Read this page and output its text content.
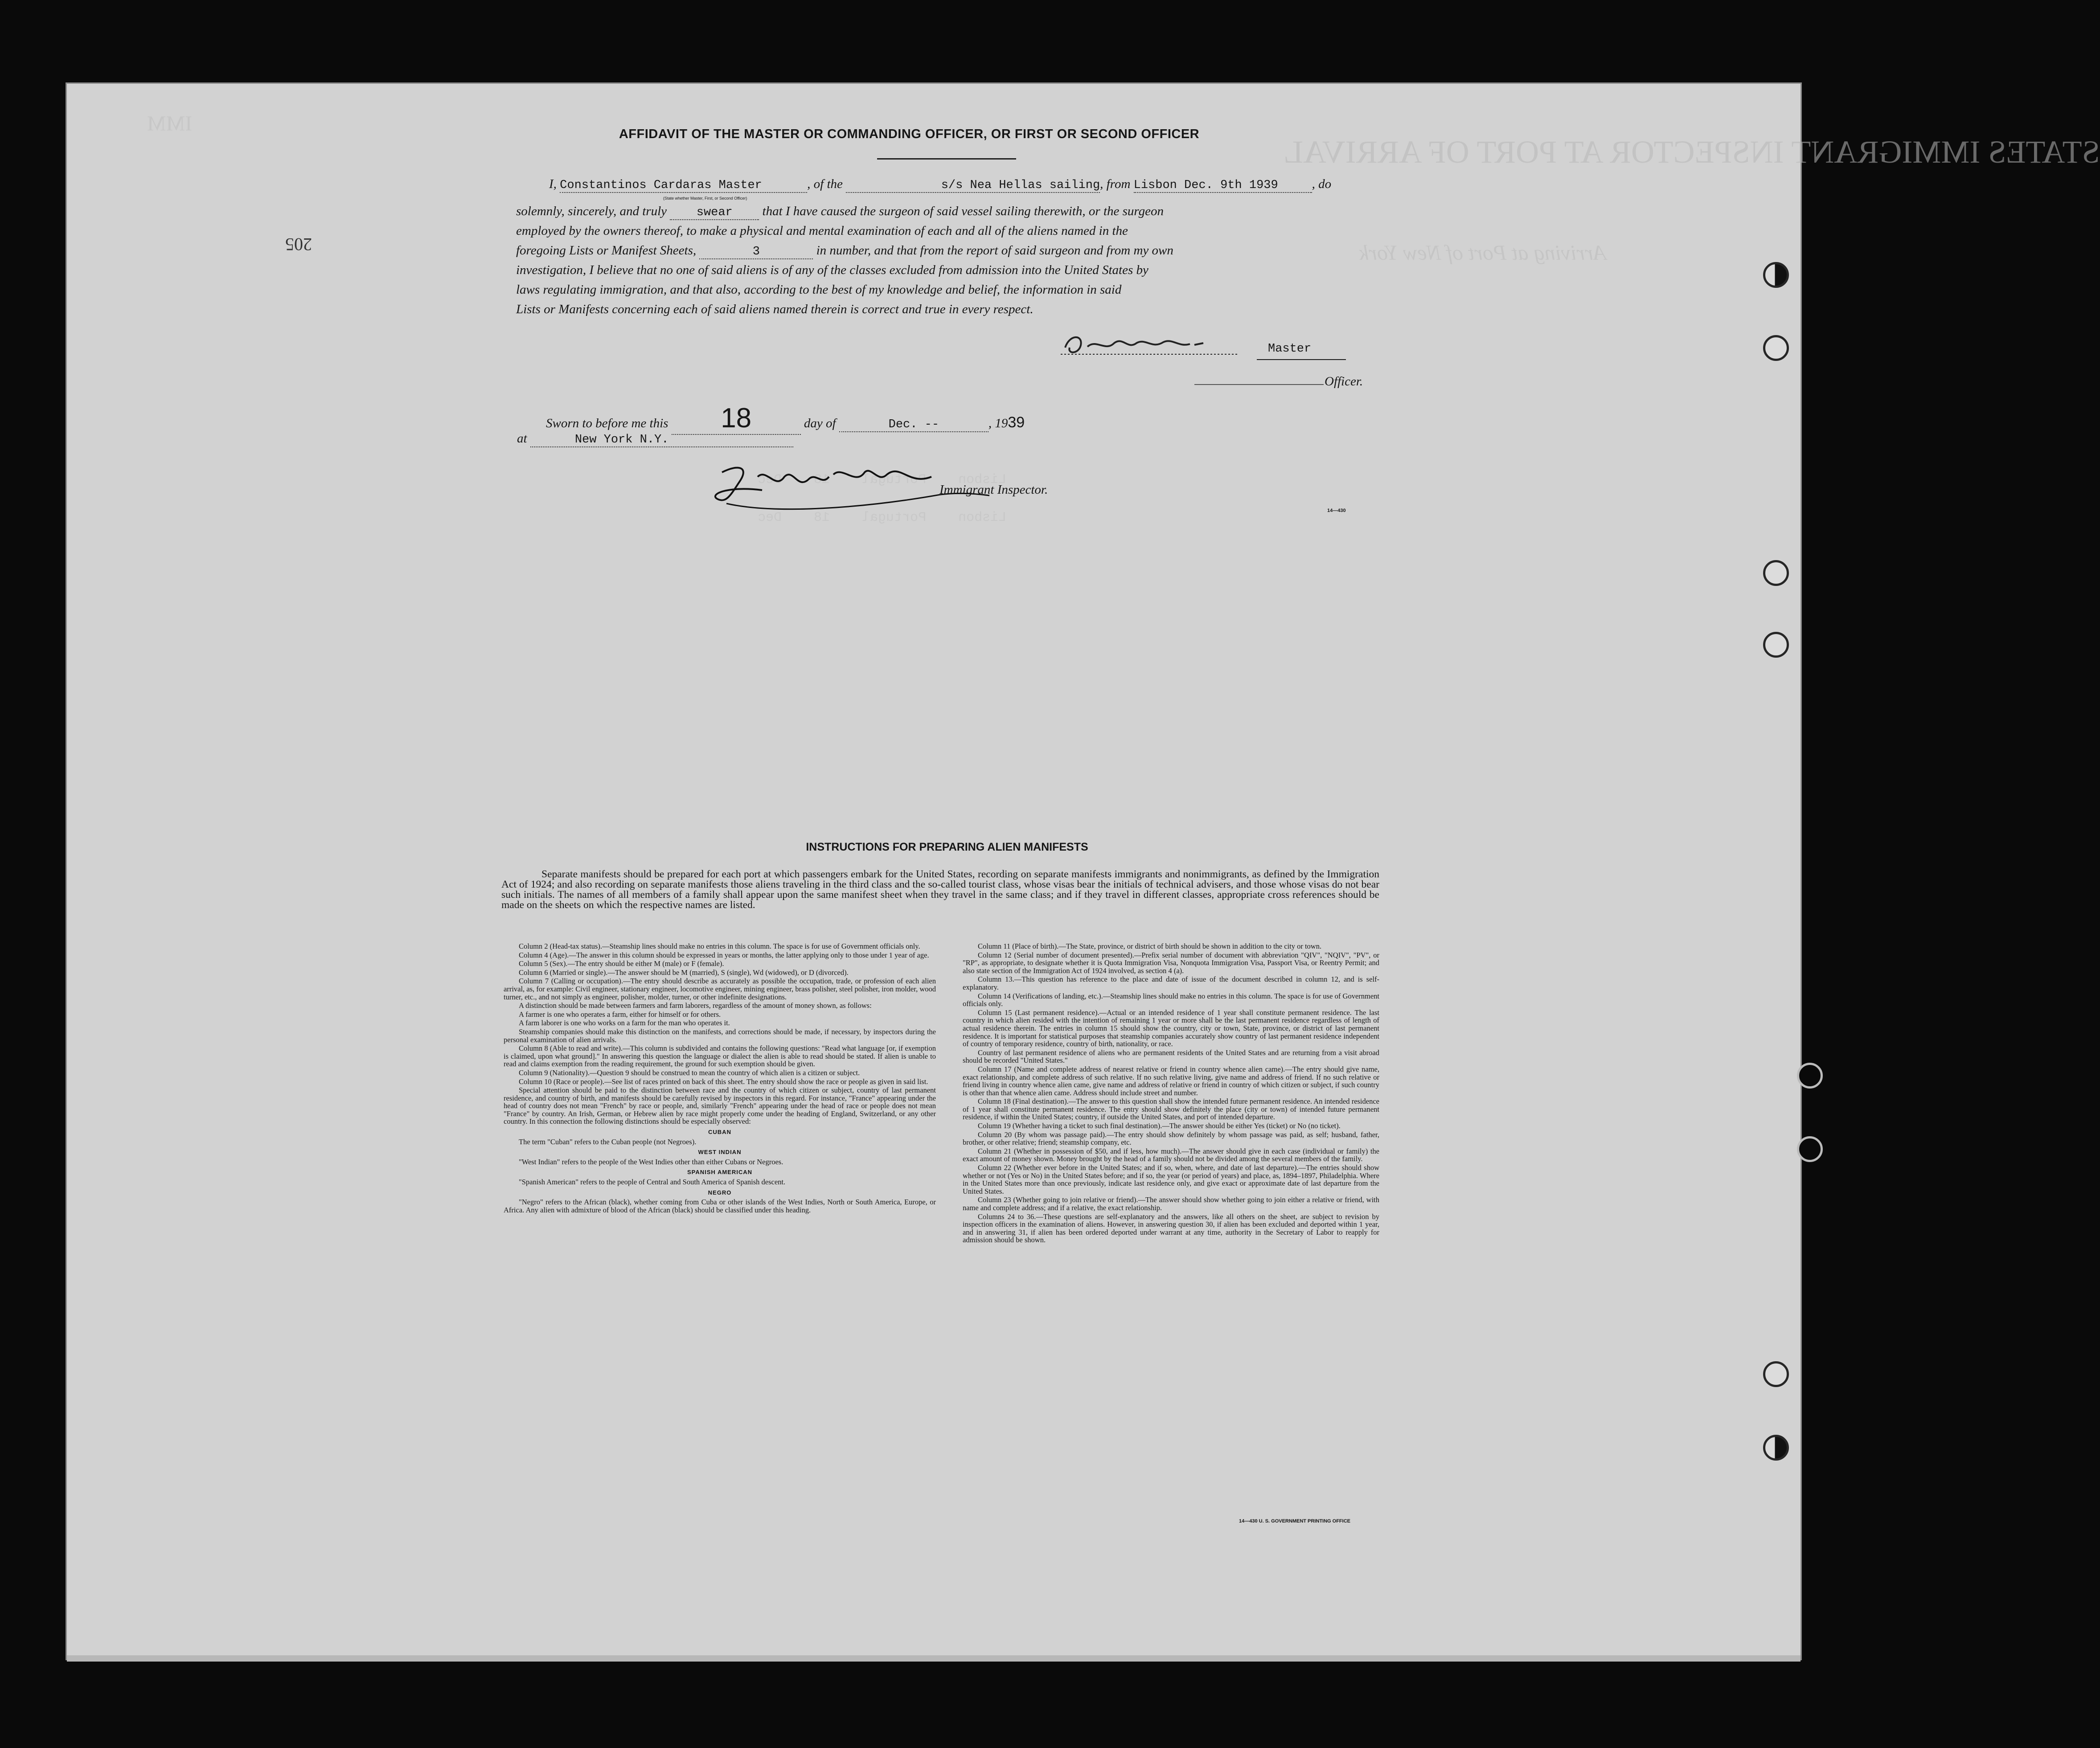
STATES IMMIGRANT INSPECTOR AT PORT OF ARRIVAL
Arriving at Port of New York
Lisbon    Portugal    18    Dec
Lisbon    Portugal    18    Dec
IMM
205
AFFIDAVIT OF THE MASTER OR COMMANDING OFFICER, OR FIRST OR SECOND OFFICER
I, Constantinos Cardaras Master	, of the	s/s Nea Hellas sailing, from Lisbon Dec. 9th 1939	, do
(State whether Master, First, or Second Officer)
solemnly, sincerely, and truly swear that I have caused the surgeon of said vessel sailing therewith, or the surgeon
employed by the owners thereof, to make a physical and mental examination of each and all of the aliens named in the
foregoing Lists or Manifest Sheets,	3	in number, and that from the report of said surgeon and from my own
investigation, I believe that no one of said aliens is of any of the classes excluded from admission into the United States by
laws regulating immigration, and that also, according to the best of my knowledge and belief, the information in said
Lists or Manifests concerning each of said aliens named therein is correct and true in every respect.
Master
Officer.
Sworn to before me this 18	day of	Dec. --	, 1939
at	New York N.Y.
Immigrant Inspector.
14—430
INSTRUCTIONS FOR PREPARING ALIEN MANIFESTS
Separate manifests should be prepared for each port at which passengers embark for the United States, recording on separate manifests immigrants and nonimmigrants, as defined by the Immigration Act of 1924; and also recording on separate manifests those aliens traveling in the third class and the so-called tourist class, whose visas bear the initials of technical advisers, and those whose visas do not bear such initials. The names of all members of a family shall appear upon the same manifest sheet when they travel in the same class; and if they travel in different classes, appropriate cross references should be made on the sheets on which the respective names are listed.

Column 2 (Head-tax status).—Steamship lines should make no entries in this column. The space is for use of Government officials only.

Column 4 (Age).—The answer in this column should be expressed in years or months, the latter applying only to those under 1 year of age.

Column 5 (Sex).—The entry should be either M (male) or F (female).

Column 6 (Married or single).—The answer should be M (married), S (single), Wd (widowed), or D (divorced).

Column 7 (Calling or occupation).—The entry should describe as accurately as possible the occupation, trade, or profession of each alien arrival, as, for example: Civil engineer, stationary engineer, locomotive engineer, mining engineer, brass polisher, steel polisher, iron molder, wood turner, etc., and not simply as engineer, polisher, molder, turner, or other indefinite designations.

A distinction should be made between farmers and farm laborers, regardless of the amount of money shown, as follows:

A farmer is one who operates a farm, either for himself or for others.

A farm laborer is one who works on a farm for the man who operates it.

Steamship companies should make this distinction on the manifests, and corrections should be made, if necessary, by inspectors during the personal examination of alien arrivals.

Column 8 (Able to read and write).—This column is subdivided and contains the following questions: "Read what language [or, if exemption is claimed, upon what ground]." In answering this question the language or dialect the alien is able to read should be stated. If alien is unable to read and claims exemption from the reading requirement, the ground for such exemption should be given.

Column 9 (Nationality).—Question 9 should be construed to mean the country of which alien is a citizen or subject.

Column 10 (Race or people).—See list of races printed on back of this sheet. The entry should show the race or people as given in said list.

Special attention should be paid to the distinction between race and the country of which citizen or subject, country of last permanent residence, and country of birth, and manifests should be carefully revised by inspectors in this regard. For instance, "France" appearing under the head of country does not mean "French" by race or people, and, similarly "French" appearing under the head of race or people does not mean "France" by country. An Irish, German, or Hebrew alien by race might properly come under the heading of England, Switzerland, or any other country. In this connection the following distinctions should be especially observed:

CUBAN

The term "Cuban" refers to the Cuban people (not Negroes).

WEST INDIAN

"West Indian" refers to the people of the West Indies other than either Cubans or Negroes.

SPANISH AMERICAN

"Spanish American" refers to the people of Central and South America of Spanish descent.

NEGRO

"Negro" refers to the African (black), whether coming from Cuba or other islands of the West Indies, North or South America, Europe, or Africa. Any alien with admixture of blood of the African (black) should be classified under this heading.

Column 11 (Place of birth).—The State, province, or district of birth should be shown in addition to the city or town.

Column 12 (Serial number of document presented).—Prefix serial number of document with abbreviation "QIV", "NQIV", "PV", or "RP", as appropriate, to designate whether it is Quota Immigration Visa, Nonquota Immigration Visa, Passport Visa, or Reentry Permit; and also state section of the Immigration Act of 1924 involved, as section 4 (a).

Column 13.—This question has reference to the place and date of issue of the document described in column 12, and is self-explanatory.

Column 14 (Verifications of landing, etc.).—Steamship lines should make no entries in this column. The space is for use of Government officials only.

Column 15 (Last permanent residence).—Actual or an intended residence of 1 year shall constitute permanent residence. The last country in which alien resided with the intention of remaining 1 year or more shall be the last permanent residence regardless of length of actual residence therein. The entries in column 15 should show the country, city or town, State, province, or district of last permanent residence. It is important for statistical purposes that steamship companies accurately show country of last permanent residence independent of country of temporary residence, country of birth, nationality, or race.

Country of last permanent residence of aliens who are permanent residents of the United States and are returning from a visit abroad should be recorded "United States."

Column 17 (Name and complete address of nearest relative or friend in country whence alien came).—The entry should give name, exact relationship, and complete address of such relative. If no such relative living, give name and address of friend. If no such relative or friend living in country whence alien came, give name and address of relative or friend in country of which citizen or subject, if such country is other than that whence alien came. Address should include street and number.

Column 18 (Final destination).—The answer to this question shall show the intended future permanent residence. An intended residence of 1 year shall constitute permanent residence. The entry should show definitely the place (city or town) of intended future permanent residence, if within the United States; country, if outside the United States, and port of intended departure.

Column 19 (Whether having a ticket to such final destination).—The answer should be either Yes (ticket) or No (no ticket).

Column 20 (By whom was passage paid).—The entry should show definitely by whom passage was paid, as self; husband, father, brother, or other relative; friend; steamship company, etc.

Column 21 (Whether in possession of $50, and if less, how much).—The answer should give in each case (individual or family) the exact amount of money shown. Money brought by the head of a family should not be divided among the several members of the family.

Column 22 (Whether ever before in the United States; and if so, when, where, and date of last departure).—The entries should show whether or not (Yes or No) in the United States before; and if so, the year (or period of years) and place, as, 1894–1897, Philadelphia. Where in the United States more than once previously, indicate last residence only, and give exact or approximate date of last departure from the United States.

Column 23 (Whether going to join relative or friend).—The answer should show whether going to join either a relative or friend, with name and complete address; and if a relative, the exact relationship.

Columns 24 to 36.—These questions are self-explanatory and the answers, like all others on the sheet, are subject to revision by inspection officers in the examination of aliens. However, in answering question 30, if alien has been excluded and deported within 1 year, and in answering 31, if alien has been ordered deported under warrant at any time, authority in the Secretary of Labor to reapply for admission should be shown.

14—430 U. S. GOVERNMENT PRINTING OFFICE
